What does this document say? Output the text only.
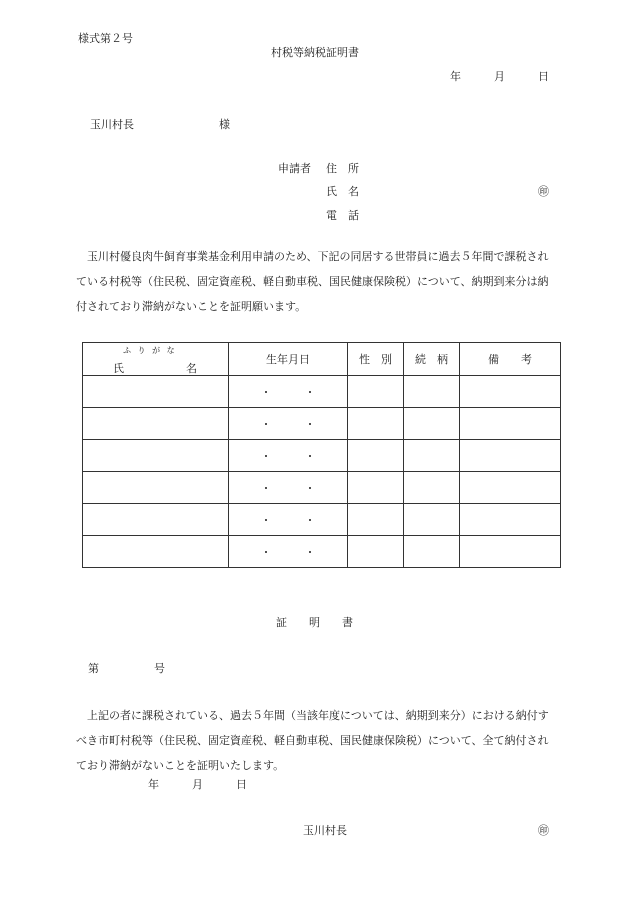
様式第２号
村税等納税証明書
年　　　月　　　日
玉川村長	様
申請者 住　所
氏　名	㊞
電　話
玉川村優良肉牛飼育事業基金利用申請のため、下記の同居する世帯員に過去５年間で課税されている村税等（住民税、固定資産税、軽自動車税、国民健康保険税）について、納期到来分は納付されており滞納がないことを証明願います。
ふ り が な
氏 名	生年月日	性　別	続　柄	備　　考
	・　　　・			
	・　　　・			
	・　　　・			
	・　　　・			
	・　　　・			
	・　　　・			
証　　明　　書
第　　　　　号
上記の者に課税されている、過去５年間（当該年度については、納期到来分）における納付すべき市町村税等（住民税、固定資産税、軽自動車税、国民健康保険税）について、全て納付されており滞納がないことを証明いたします。
年　　　月　　　日
玉川村長	㊞
